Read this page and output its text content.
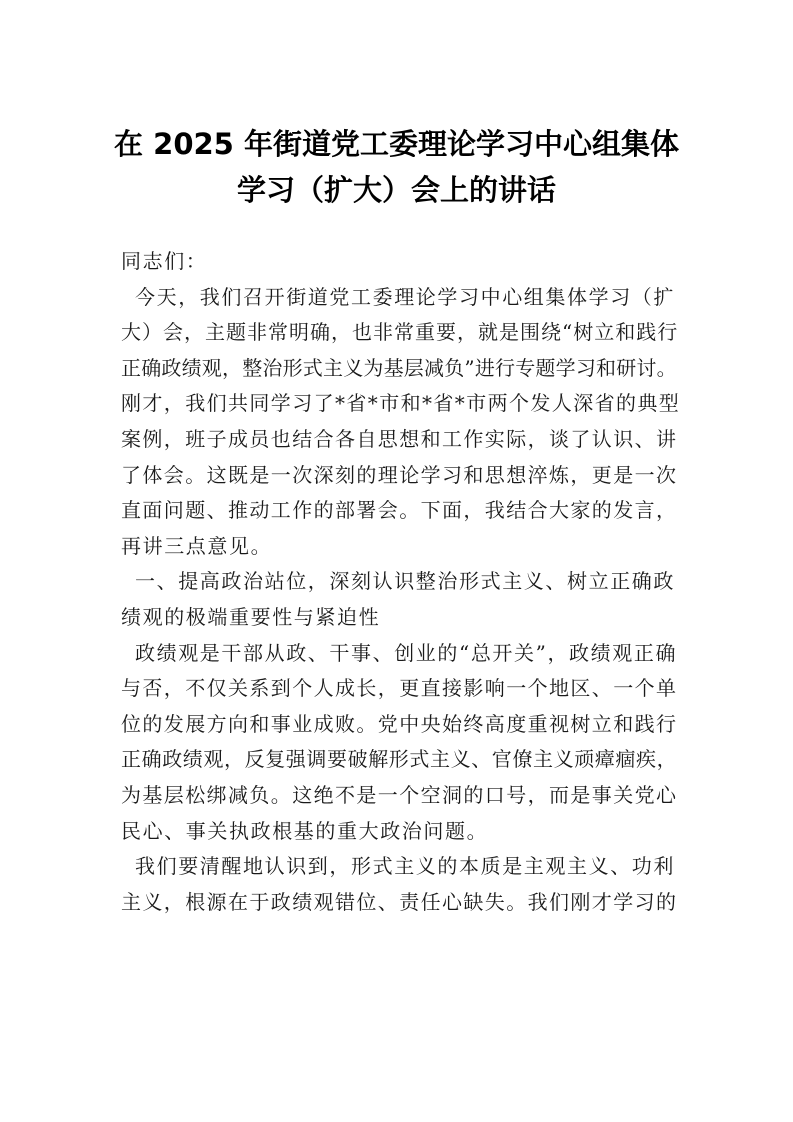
在 2025 年街道党工委理论学习中心组集体
学习（扩大）会上的讲话
同志们：
今天，我们召开街道党工委理论学习中心组集体学习（扩
大）会，主题非常明确，也非常重要，就是围绕“树立和践行
正确政绩观，整治形式主义为基层减负”进行专题学习和研讨。
刚才，我们共同学习了*省*市和*省*市两个发人深省的典型
案例，班子成员也结合各自思想和工作实际，谈了认识、讲
了体会。这既是一次深刻的理论学习和思想淬炼，更是一次
直面问题、推动工作的部署会。下面，我结合大家的发言，
再讲三点意见。
一、提高政治站位，深刻认识整治形式主义、树立正确政
绩观的极端重要性与紧迫性
政绩观是干部从政、干事、创业的“总开关”，政绩观正确
与否，不仅关系到个人成长，更直接影响一个地区、一个单
位的发展方向和事业成败。党中央始终高度重视树立和践行
正确政绩观，反复强调要破解形式主义、官僚主义顽瘴痼疾，
为基层松绑减负。这绝不是一个空洞的口号，而是事关党心
民心、事关执政根基的重大政治问题。
我们要清醒地认识到，形式主义的本质是主观主义、功利
主义，根源在于政绩观错位、责任心缺失。我们刚才学习的
